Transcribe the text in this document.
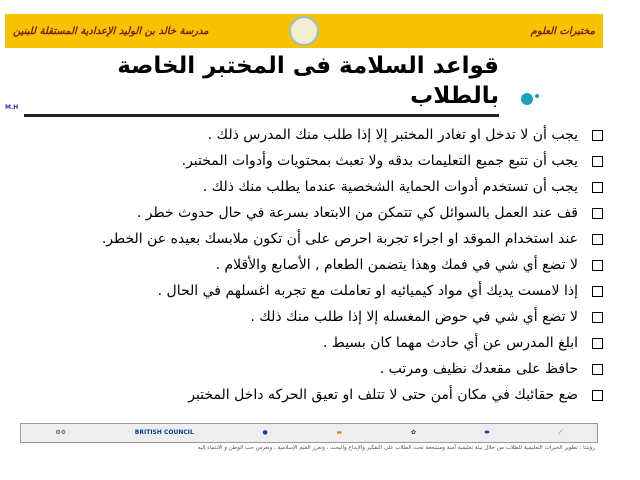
مدرسة خالد بن الوليد الإعدادية المستقلة للبنين	مختبرات العلوم
M.H
قواعد السلامة فى المختبر الخاصة بالطلاب
يجب أن لا تدخل او تغادر المختبر إلا إذا طلب منك المدرس ذلك .
يجب أن تتبع جميع التعليمات بدقه ولا تعبث بمحتويات وأدوات المختبر.
يجب أن تستخدم أدوات الحماية الشخصية عندما يطلب منك ذلك .
قف عند العمل بالسوائل كي تتمكن من الابتعاد بسرعة في حال حدوث خطر .
عند استخدام الموقد او اجراء تجربة احرص على أن تكون ملابسك بعيده عن الخطر.
لا تضع أي شي في فمك وهذا يتضمن الطعام , الأصابع والأقلام .
إذا لامست يديك أي مواد كيميائيه او تعاملت مع تجربه اغسلهم في الحال .
لا تضع أي شي في حوض المغسله إلا إذا طلب منك ذلك .
ابلغ المدرس عن أي حادث مهما كان بسيط .
حافظ على مقعدك نظيف ومرتب .
ضع حقائبك في مكان أمن حتى لا تتلف او تعيق الحركه داخل المختبر
⚙⚙	BRITISH COUNCIL	●	▬	✿	⬬	⟋
رؤيتنا : تطوير الخبرات التعليمية للطلاب من خلال بيئة تعليمية آمنة ومشجعة تحث الطلاب على التفكير والإبداع والبحث ، وتعزز القيم الإسلامية ، وتغرس حب الوطن و الانتماء إليه
